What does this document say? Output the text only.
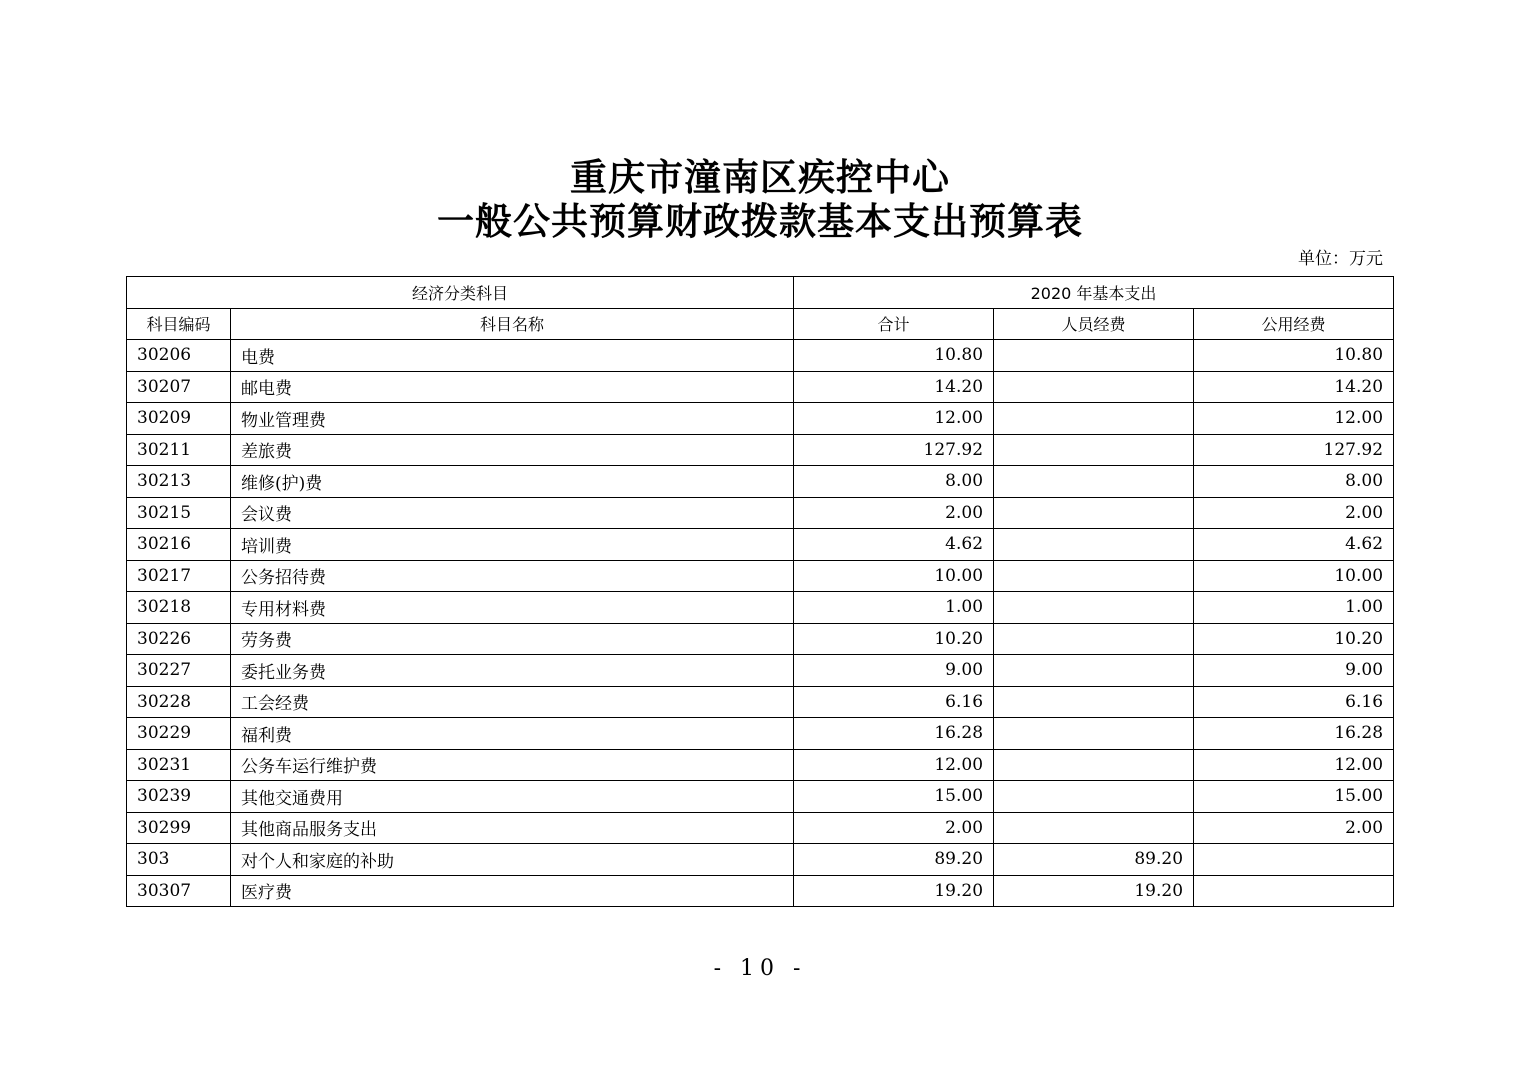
重庆市潼南区疾控中心
一般公共预算财政拨款基本支出预算表
单位：万元
经济分类科目		2020 年基本支出		
科目编码	科目名称	合计	人员经费	公用经费
30206	电费	10.80		10.80
30207	邮电费	14.20		14.20
30209	物业管理费	12.00		12.00
30211	差旅费	127.92		127.92
30213	维修(护)费	8.00		8.00
30215	会议费	2.00		2.00
30216	培训费	4.62		4.62
30217	公务招待费	10.00		10.00
30218	专用材料费	1.00		1.00
30226	劳务费	10.20		10.20
30227	委托业务费	9.00		9.00
30228	工会经费	6.16		6.16
30229	福利费	16.28		16.28
30231	公务车运行维护费	12.00		12.00
30239	其他交通费用	15.00		15.00
30299	其他商品服务支出	2.00		2.00
303	对个人和家庭的补助	89.20	89.20	
30307	医疗费	19.20	19.20	
- 10 -
